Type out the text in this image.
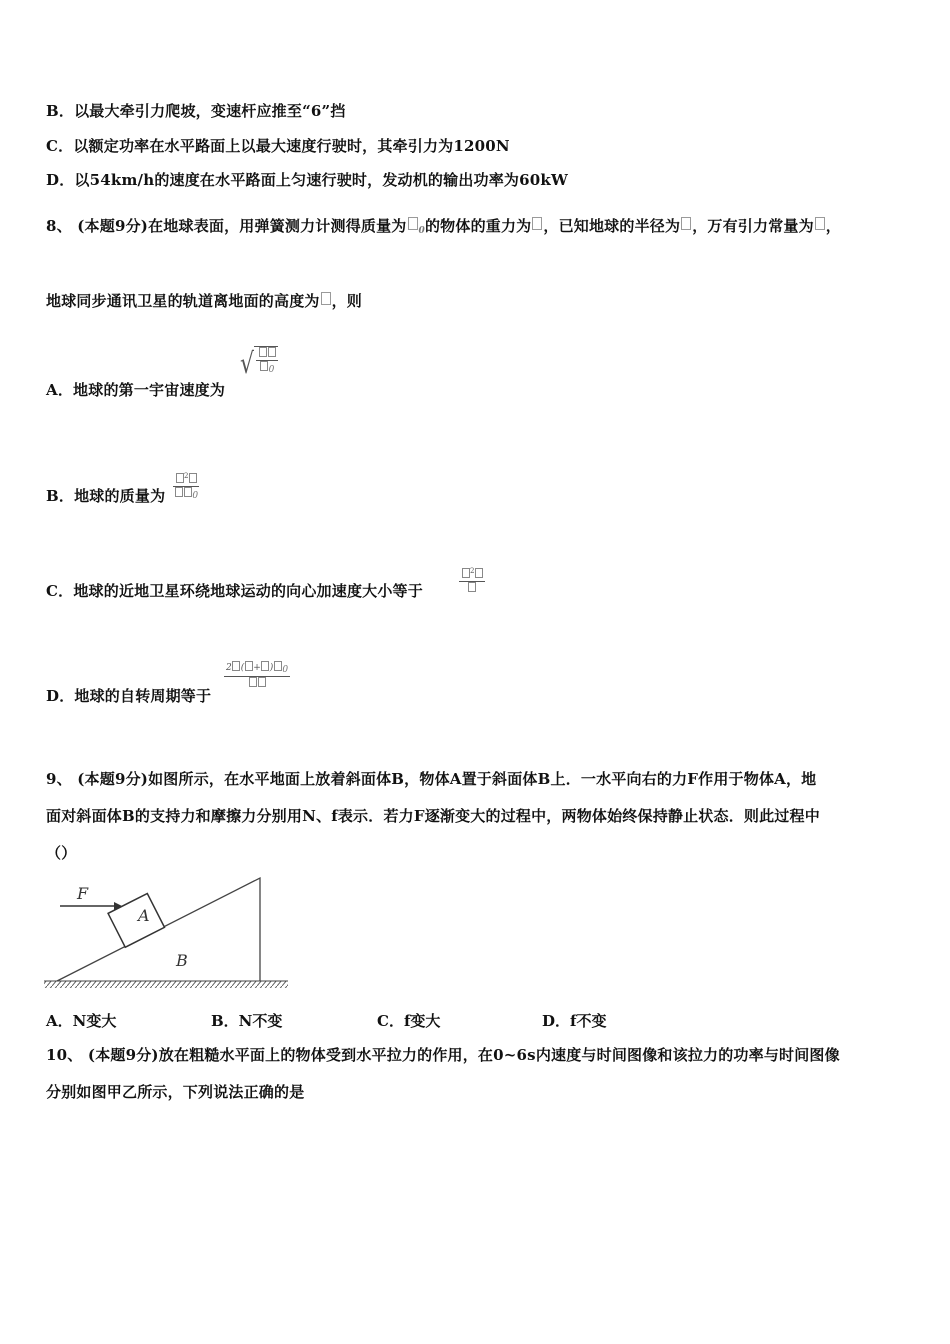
B．以最大牵引力爬坡，变速杆应推至“6”挡
C．以额定功率在水平路面上以最大速度行驶时，其牵引力为1200N
D．以54km/h的速度在水平路面上匀速行驶时，发动机的输出功率为60kW
8、 (本题9分)在地球表面，用弹簧测力计测得质量为 $_0$的物体的重力为 ，已知地球的半径为 ，万有引力常量为 ，
地球同步通讯卫星的轨道离地面的高度为 ，则
A．地球的第一宇宙速度为
√	0
B．地球的质量为 $\frac{^2}{0}$
C．地球的近地卫星环绕地球运动的向心加速度大小等于
$^2$
D．地球的自转周期等于
2 ( + ) 0
9、 (本题9分)如图所示，在水平地面上放着斜面体B，物体A置于斜面体B上．一水平向右的力F作用于物体A，地
面对斜面体B的支持力和摩擦力分别用N、f表示．若力F逐渐变大的过程中，两物体始终保持静止状态．则此过程中
（）
F
A
B
A．N变大	B．N不变	C．f变大	D．f不变
10、 (本题9分)放在粗糙水平面上的物体受到水平拉力的作用，在0~6s内速度与时间图像和该拉力的功率与时间图像
分别如图甲乙所示，下列说法正确的是
